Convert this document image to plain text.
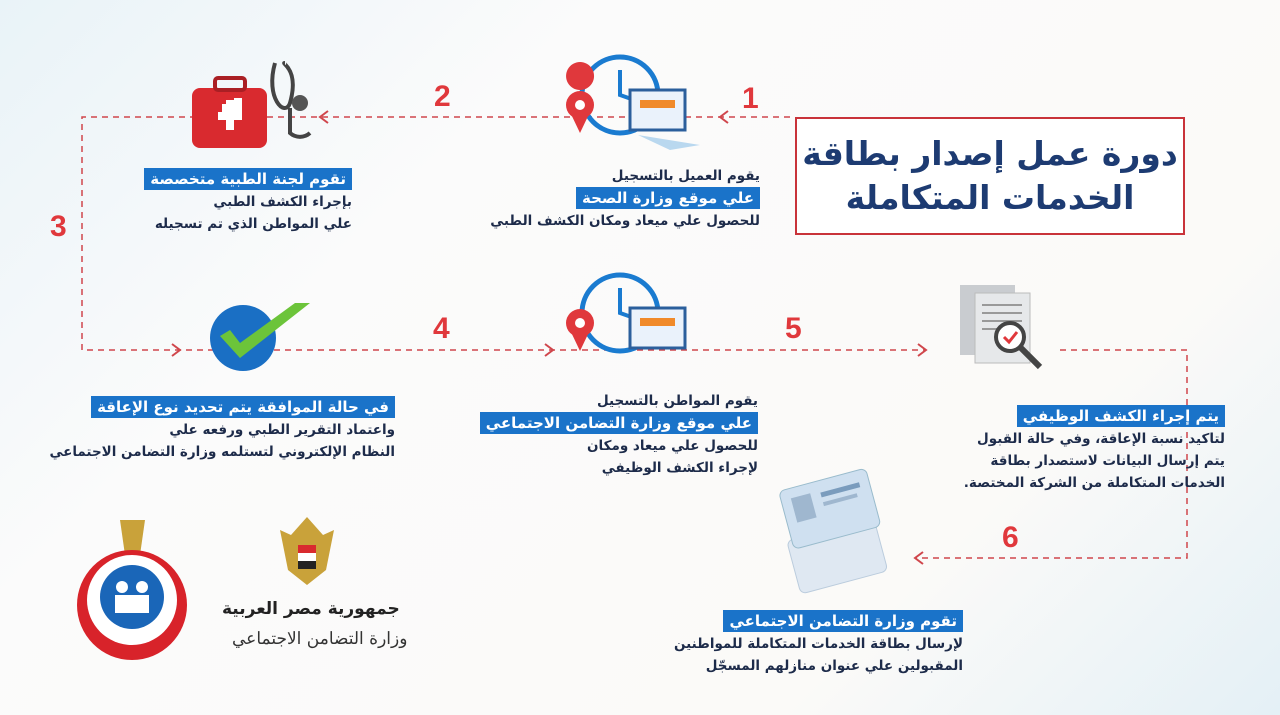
دورة عمل إصدار بطاقة
الخدمات المتكاملة
1
2
3
4	5
6
يقوم العميل بالتسجيل
علي موقع وزارة الصحة
للحصول علي ميعاد ومكان الكشف الطبي
تقوم لجنة الطبية متخصصة
بإجراء الكشف الطبي
علي المواطن الذي تم تسجيله
في حالة الموافقة يتم تحديد نوع الإعاقة
واعتماد التقرير الطبي ورفعه علي
النظام الإلكتروني لتستلمه وزارة التضامن الاجتماعي
يقوم المواطن بالتسجيل
علي موقع وزارة التضامن الاجتماعي
للحصول علي ميعاد ومكان
لإجراء الكشف الوظيفي
يتم إجراء الكشف الوظيفي
لتاكيد نسبة الإعاقة، وفي حالة القبول
يتم إرسال البيانات لاستصدار بطاقة
الخدمات المتكاملة من الشركة المختصة.
تقوم وزارة التضامن الاجتماعي
لإرسال بطاقة الخدمات المتكاملة للمواطنين
المقبولين علي عنوان منازلهم المسجّل
جمهورية مصر العربية
وزارة التضامن الاجتماعي
